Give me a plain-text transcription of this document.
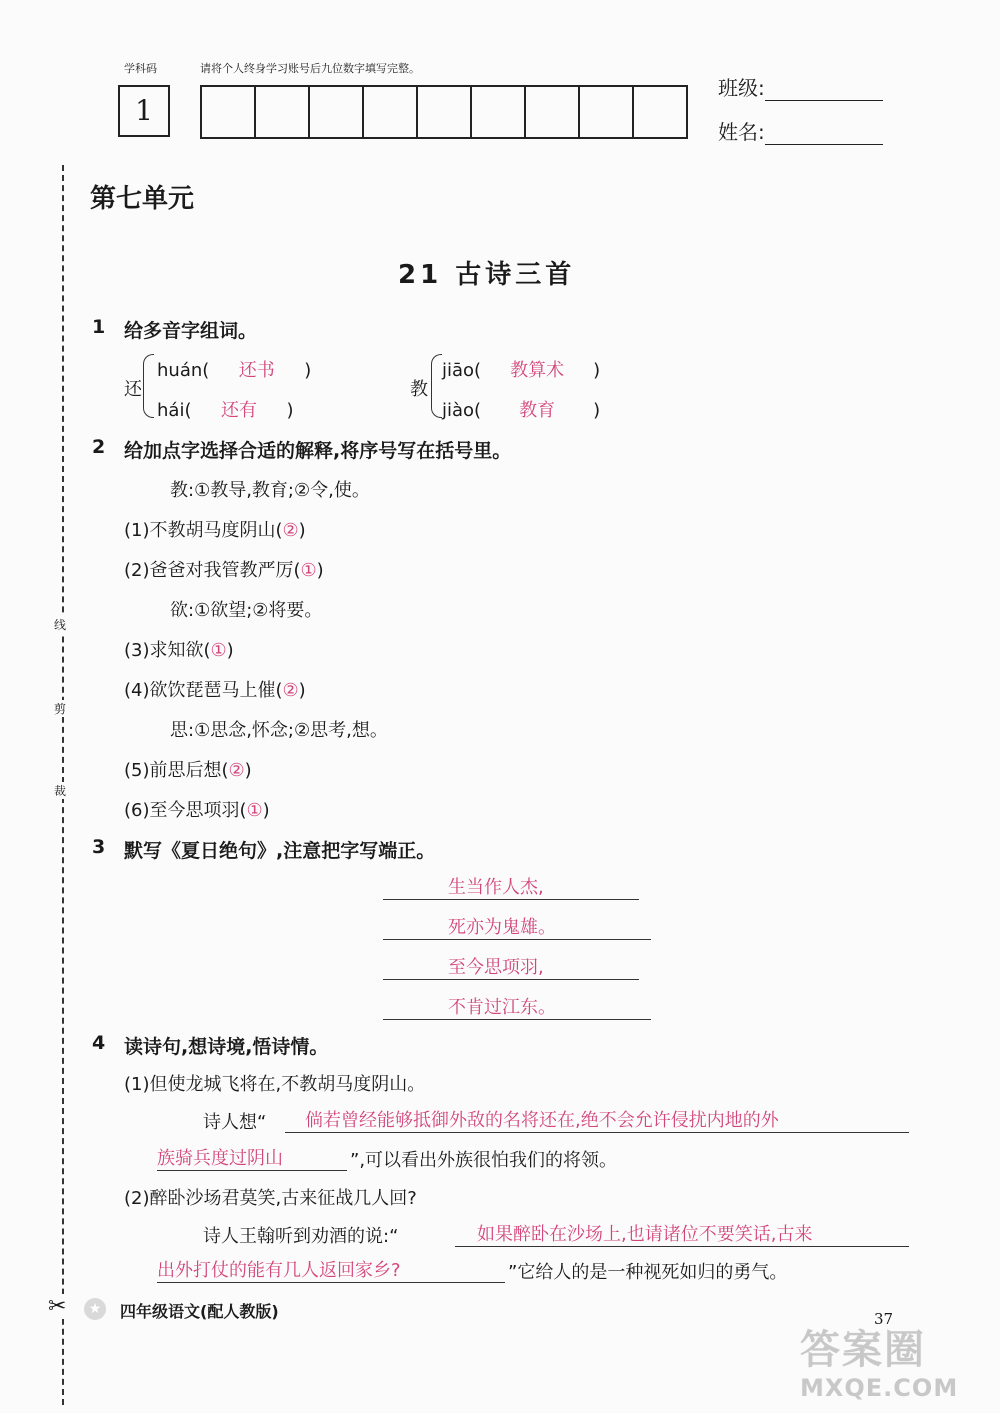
学科码	请将个人终身学习账号后九位数字填写完整。
1
班级:
姓名:
线
剪
裁
✂
第七单元
21 古诗三首
1 给多音字组词。
还
huán( 还书 )
hái( 还有 )
教
jiāo( 教算术 )
jiào( 教育 )
2 给加点字选择合适的解释,将序号写在括号里。
教:①教导,教育;②令,使。
(1)不教胡马度阴山(②)
(2)爸爸对我管教严厉(①)
欲:①欲望;②将要。
(3)求知欲(①)
(4)欲饮琵琶马上催(②)
思:①思念,怀念;②思考,想。
(5)前思后想(②)
(6)至今思项羽(①)
3 默写《夏日绝句》,注意把字写端正。
生当作人杰,
死亦为鬼雄。
至今思项羽,
不肯过江东。
4 读诗句,想诗境,悟诗情。
(1)但使龙城飞将在,不教胡马度阴山。
诗人想“	倘若曾经能够抵御外敌的名将还在,绝不会允许侵扰内地的外
族骑兵度过阴山	”,可以看出外族很怕我们的将领。
(2)醉卧沙场君莫笑,古来征战几人回?
诗人王翰听到劝酒的说:“	如果醉卧在沙场上,也请诸位不要笑话,古来
出外打仗的能有几人返回家乡?	”它给人的是一种视死如归的勇气。
★ 四年级语文(配人教版)	37
答案圈
MXQE.COM
